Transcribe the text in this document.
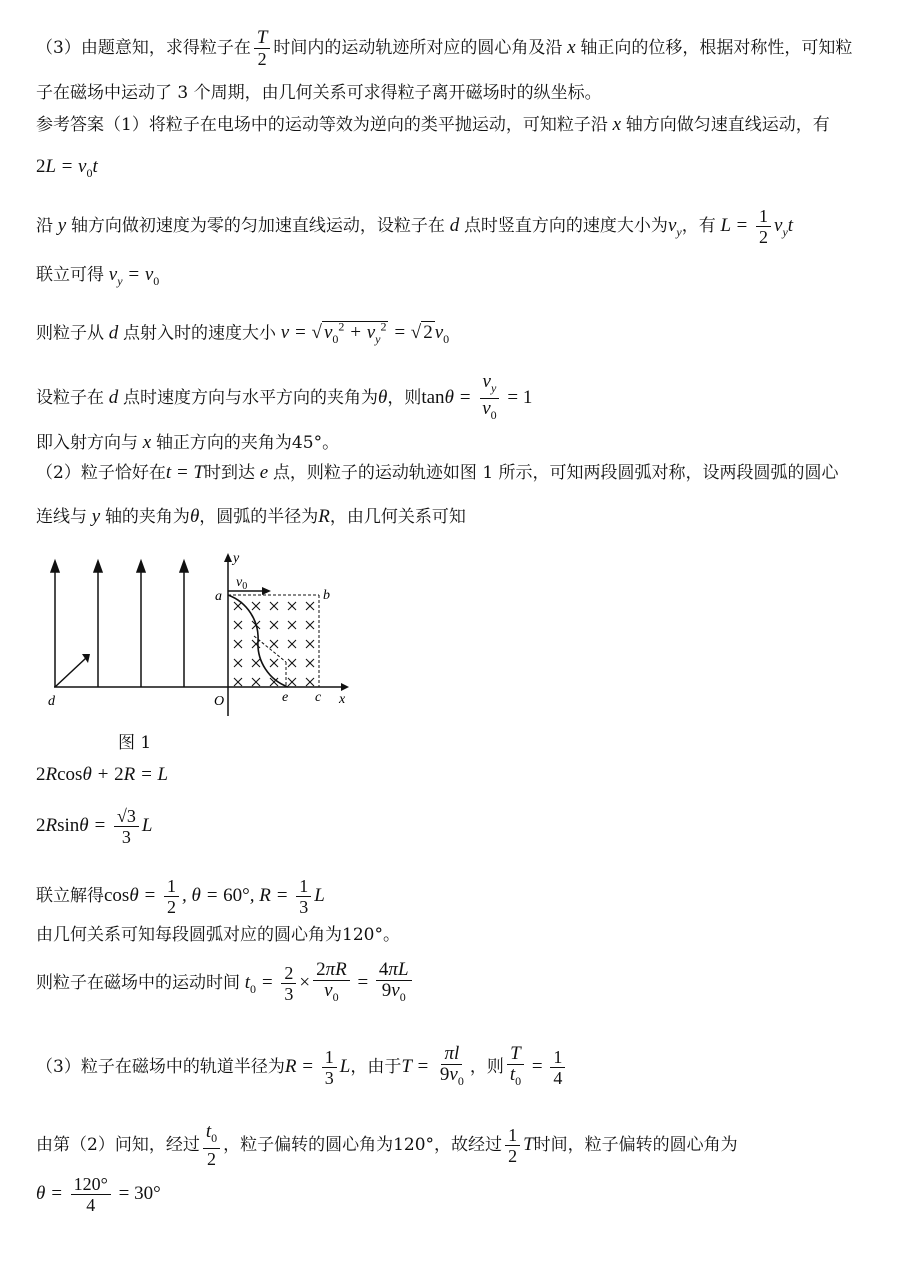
（3）由题意知，求得粒子在 $\frac{T}{2}$ 时间内的运动轨迹所对应的圆心角及沿 x 轴正向的位移，根据对称性，可知粒
子在磁场中运动了 3 个周期，由几何关系可求得粒子离开磁场时的纵坐标。
参考答案（1）将粒子在电场中的运动等效为逆向的类平抛运动，可知粒子沿 x 轴方向做匀速直线运动，有
$2L = v_0t$
沿 y 轴方向做初速度为零的匀加速直线运动，设粒子在 d 点时竖直方向的速度大小为$v_y$，有 $L = \frac{1}{2} v_yt$
联立可得 $v_y = v_0$
则粒子从 d 点射入时的速度大小 v = √ $v_0^2 + v_y^2$ = √ 2 $v_0$
设粒子在 d 点时速度方向与水平方向的夹角为θ，则$\tan\theta = \frac{v_y}{v_0} = 1$
即入射方向与 x 轴正方向的夹角为45°。
（2）粒子恰好在t = T时到达 e 点，则粒子的运动轨迹如图 1 所示，可知两段圆弧对称，设两段圆弧的圆心
连线与 y 轴的夹角为θ，圆弧的半径为R，由几何关系可知
y
$v_0$
a	b
d	O	e c x
图 1
2Rcosθ + 2R = L
$2Rsin\theta = \frac{√3}{3}$ L
联立解得$\cos\theta = \frac{1}{2}$ , θ = 60°, $R = \frac{1}{3}$ L
由几何关系可知每段圆弧对应的圆心角为120°。
则粒子在磁场中的运动时间 $t_0 = \frac{2}{3} \times \frac{2\pi R}{v_0} = \frac{4\pi L}{9v_0}$
（3）粒子在磁场中的轨道半径为$R = \frac{1}{3}$ L，由于$T = \frac{\pi l}{9v_0}$ ，则 $\frac{T}{t_0} = \frac{1}{4}$
由第（2）问知，经过 $\frac{t_0}{2}$ ，粒子偏转的圆心角为120°，故经过 $\frac{1}{2}$ T时间，粒子偏转的圆心角为
$\theta = \frac{120^\circ}{4} = 30^\circ$
